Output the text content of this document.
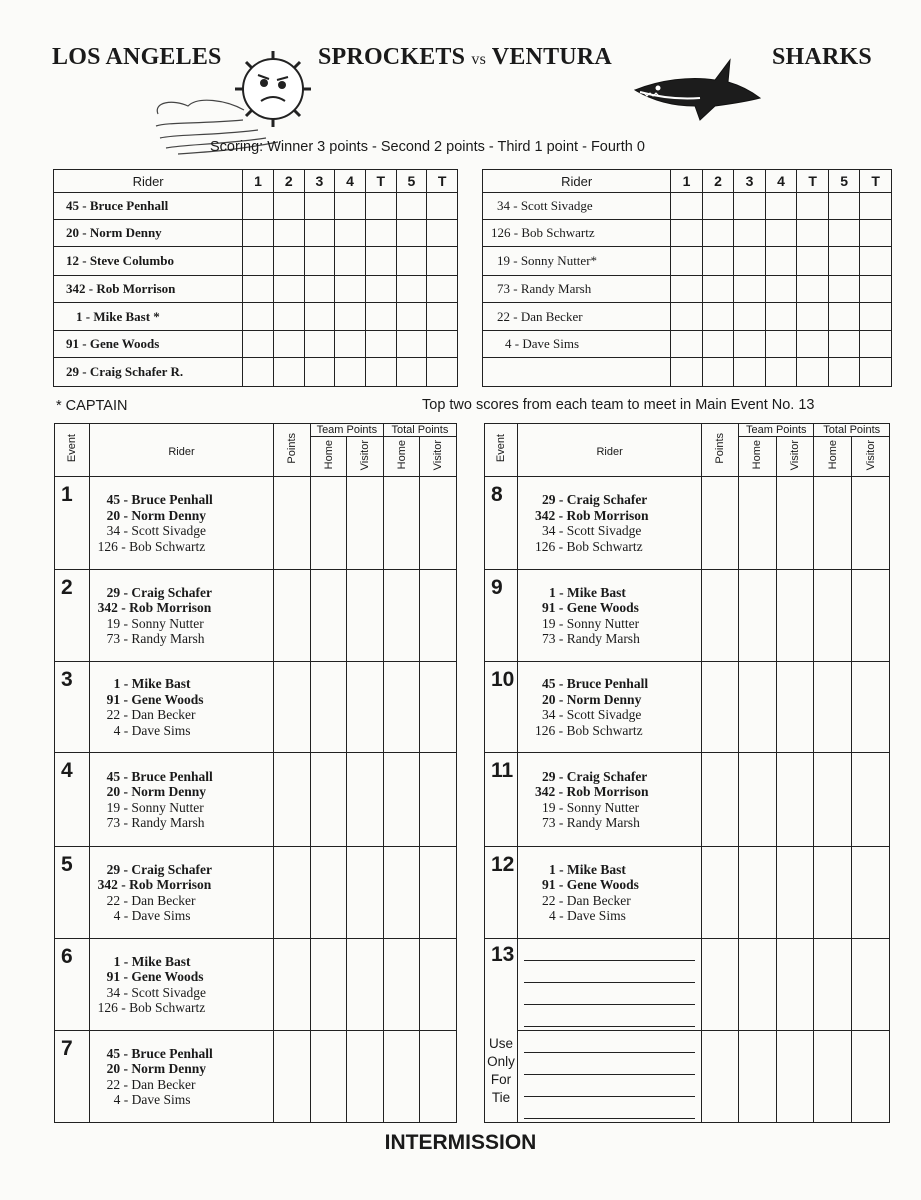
LOS ANGELES	SPROCKETS vs VENTURA	SHARKS
Scoring: Winner 3 points - Second 2 points - Third 1 point - Fourth 0
Rider	1	2	3	4	T	5	T
45 - Bruce Penhall							
20 - Norm Denny							
12 - Steve Columbo							
342 - Rob Morrison							
1 - Mike Bast *							
91 - Gene Woods							
29 - Craig Schafer R.							
Rider	1	2	3	4	T	5	T
34 - Scott Sivadge							
126 - Bob Schwartz							
19 - Sonny Nutter*							
73 - Randy Marsh							
22 - Dan Becker							
4 - Dave Sims							

* CAPTAIN	Top two scores from each team to meet in Main Event No. 13
Event	Rider	Points	Team Points		Total Points	
			Home	Visitor	Home	Visitor
1	45 - Bruce Penhall
20 - Norm Denny
34 - Scott Sivadge
126 - Bob Schwartz					

2	29 - Craig Schafer
342 - Rob Morrison
19 - Sonny Nutter
73 - Randy Marsh					

3	1 - Mike Bast
91 - Gene Woods
22 - Dan Becker
4 - Dave Sims					

4	45 - Bruce Penhall
20 - Norm Denny
19 - Sonny Nutter
73 - Randy Marsh					

5	29 - Craig Schafer
342 - Rob Morrison
22 - Dan Becker
4 - Dave Sims					

6	1 - Mike Bast
91 - Gene Woods
34 - Scott Sivadge
126 - Bob Schwartz					

7	45 - Bruce Penhall
20 - Norm Denny
22 - Dan Becker
4 - Dave Sims					

Event	Rider	Points	Team Points		Total Points	
			Home	Visitor	Home	Visitor
8	29 - Craig Schafer
342 - Rob Morrison
34 - Scott Sivadge
126 - Bob Schwartz					

9	1 - Mike Bast
91 - Gene Woods
19 - Sonny Nutter
73 - Randy Marsh					

10	45 - Bruce Penhall
20 - Norm Denny
34 - Scott Sivadge
126 - Bob Schwartz					

11	29 - Craig Schafer
342 - Rob Morrison
19 - Sonny Nutter
73 - Randy Marsh					

12	1 - Mike Bast
91 - Gene Woods
22 - Dan Becker
4 - Dave Sims					

13
Use
Only
For
Tie						

INTERMISSION
